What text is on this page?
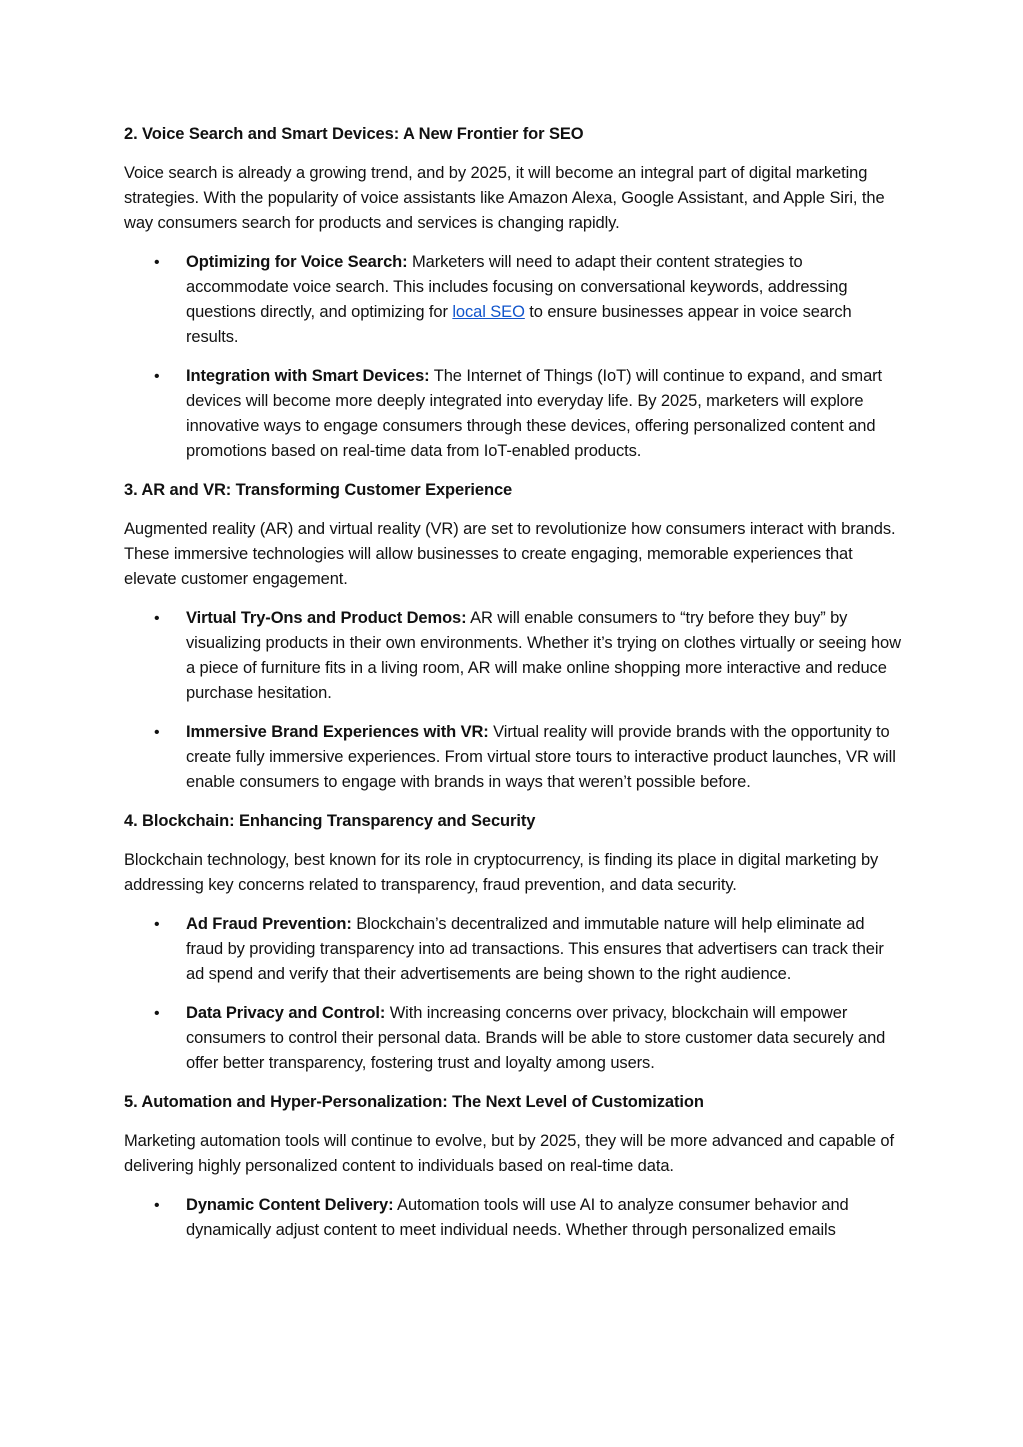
2. Voice Search and Smart Devices: A New Frontier for SEO
Voice search is already a growing trend, and by 2025, it will become an integral part of digital marketing strategies. With the popularity of voice assistants like Amazon Alexa, Google Assistant, and Apple Siri, the way consumers search for products and services is changing rapidly.
• Optimizing for Voice Search: Marketers will need to adapt their content strategies to accommodate voice search. This includes focusing on conversational keywords, addressing questions directly, and optimizing for local SEO to ensure businesses appear in voice search results.
• Integration with Smart Devices: The Internet of Things (IoT) will continue to expand, and smart devices will become more deeply integrated into everyday life. By 2025, marketers will explore innovative ways to engage consumers through these devices, offering personalized content and promotions based on real-time data from IoT-enabled products.
3. AR and VR: Transforming Customer Experience
Augmented reality (AR) and virtual reality (VR) are set to revolutionize how consumers interact with brands. These immersive technologies will allow businesses to create engaging, memorable experiences that elevate customer engagement.
• Virtual Try-Ons and Product Demos: AR will enable consumers to “try before they buy” by visualizing products in their own environments. Whether it’s trying on clothes virtually or seeing how a piece of furniture fits in a living room, AR will make online shopping more interactive and reduce purchase hesitation.
• Immersive Brand Experiences with VR: Virtual reality will provide brands with the opportunity to create fully immersive experiences. From virtual store tours to interactive product launches, VR will enable consumers to engage with brands in ways that weren’t possible before.
4. Blockchain: Enhancing Transparency and Security
Blockchain technology, best known for its role in cryptocurrency, is finding its place in digital marketing by addressing key concerns related to transparency, fraud prevention, and data security.
• Ad Fraud Prevention: Blockchain’s decentralized and immutable nature will help eliminate ad fraud by providing transparency into ad transactions. This ensures that advertisers can track their ad spend and verify that their advertisements are being shown to the right audience.
• Data Privacy and Control: With increasing concerns over privacy, blockchain will empower consumers to control their personal data. Brands will be able to store customer data securely and offer better transparency, fostering trust and loyalty among users.
5. Automation and Hyper-Personalization: The Next Level of Customization
Marketing automation tools will continue to evolve, but by 2025, they will be more advanced and capable of delivering highly personalized content to individuals based on real-time data.
• Dynamic Content Delivery: Automation tools will use AI to analyze consumer behavior and dynamically adjust content to meet individual needs. Whether through personalized emails
